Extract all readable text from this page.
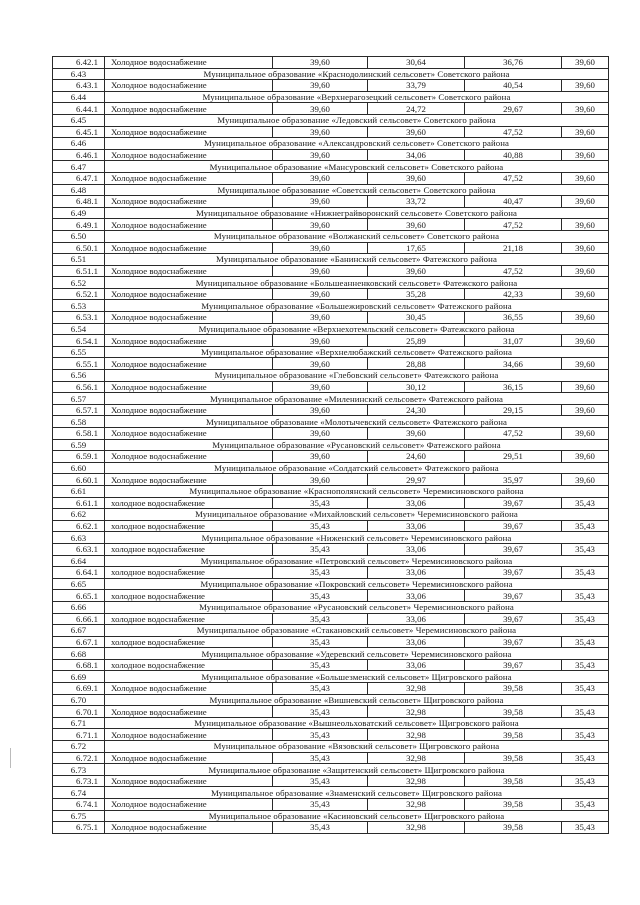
6.42.1	Холодное водоснабжение	39,60	30,64	36,76	39,60
6.43	Муниципальное образование «Краснодолинский сельсовет» Советского района				
6.43.1	Холодное водоснабжение	39,60	33,79	40,54	39,60
6.44	Муниципальное образование «Верхнерагозецкий сельсовет» Советского района				
6.44.1	Холодное водоснабжение	39,60	24,72	29,67	39,60
6.45	Муниципальное образование «Ледовский сельсовет» Советского района				
6.45.1	Холодное водоснабжение	39,60	39,60	47,52	39,60
6.46	Муниципальное образование «Александровский сельсовет» Советского района				
6.46.1	Холодное водоснабжение	39,60	34,06	40,88	39,60
6.47	Муниципальное образование «Мансуровский сельсовет» Советского района				
6.47.1	Холодное водоснабжение	39,60	39,60	47,52	39,60
6.48	Муниципальное образование «Советский сельсовет» Советского района				
6.48.1	Холодное водоснабжение	39,60	33,72	40,47	39,60
6.49	Муниципальное образование «Нижнеграйворонский сельсовет» Советского района				
6.49.1	Холодное водоснабжение	39,60	39,60	47,52	39,60
6.50	Муниципальное образование «Волжанский сельсовет» Советского района				
6.50.1	Холодное водоснабжение	39,60	17,65	21,18	39,60
6.51	Муниципальное образование «Банинский сельсовет» Фатежского района				
6.51.1	Холодное водоснабжение	39,60	39,60	47,52	39,60
6.52	Муниципальное образование «Большеанненковский сельсовет» Фатежского района				
6.52.1	Холодное водоснабжение	39,60	35,28	42,33	39,60
6.53	Муниципальное образование «Большежировский сельсовет» Фатежского района				
6.53.1	Холодное водоснабжение	39,60	30,45	36,55	39,60
6.54	Муниципальное образование «Верхнехотемльский сельсовет» Фатежского района				
6.54.1	Холодное водоснабжение	39,60	25,89	31,07	39,60
6.55	Муниципальное образование «Верхнелюбажский сельсовет» Фатежского района				
6.55.1	Холодное водоснабжение	39,60	28,88	34,66	39,60
6.56	Муниципальное образование «Глебовский сельсовет» Фатежского района				
6.56.1	Холодное водоснабжение	39,60	30,12	36,15	39,60
6.57	Муниципальное образование «Миленинский сельсовет» Фатежского района				
6.57.1	Холодное водоснабжение	39,60	24,30	29,15	39,60
6.58	Муниципальное образование «Молотычевский сельсовет» Фатежского района				
6.58.1	Холодное водоснабжение	39,60	39,60	47,52	39,60
6.59	Муниципальное образование «Русановский сельсовет» Фатежского района				
6.59.1	Холодное водоснабжение	39,60	24,60	29,51	39,60
6.60	Муниципальное образование «Солдатский сельсовет» Фатежского района				
6.60.1	Холодное водоснабжение	39,60	29,97	35,97	39,60
6.61	Муниципальное образование «Краснополянский сельсовет» Черемисиновского района				
6.61.1	холодное водоснабжение	35,43	33,06	39,67	35,43
6.62	Муниципальное образование «Михайловский сельсовет» Черемисиновского района				
6.62.1	холодное водоснабжение	35,43	33,06	39,67	35,43
6.63	Муниципальное образование «Ниженский сельсовет» Черемисиновского района				
6.63.1	холодное водоснабжение	35,43	33,06	39,67	35,43
6.64	Муниципальное образование «Петровский сельсовет» Черемисиновского района				
6.64.1	холодное водоснабжение	35,43	33,06	39,67	35,43
6.65	Муниципальное образование «Покровский сельсовет» Черемисиновского района				
6.65.1	холодное водоснабжение	35,43	33,06	39,67	35,43
6.66	Муниципальное образование «Русановский сельсовет» Черемисиновского района				
6.66.1	холодное водоснабжение	35,43	33,06	39,67	35,43
6.67	Муниципальное образование «Стакановский сельсовет» Черемисиновского района				
6.67.1	холодное водоснабжение	35,43	33,06	39,67	35,43
6.68	Муниципальное образование «Удеревский сельсовет» Черемисиновского района				
6.68.1	холодное водоснабжение	35,43	33,06	39,67	35,43
6.69	Муниципальное образование «Большезменский сельсовет» Щигровского района				
6.69.1	Холодное водоснабжение	35,43	32,98	39,58	35,43
6.70	Муниципальное образование «Вишневский сельсовет» Щигровского района				
6.70.1	Холодное водоснабжение	35,43	32,98	39,58	35,43
6.71	Муниципальное образование «Вышнеольховатский сельсовет» Щигровского района				
6.71.1	Холодное водоснабжение	35,43	32,98	39,58	35,43
6.72	Муниципальное образование «Вязовский сельсовет» Щигровского района				
6.72.1	Холодное водоснабжение	35,43	32,98	39,58	35,43
6.73	Муниципальное образование «Защитенский сельсовет» Щигровского района				
6.73.1	Холодное водоснабжение	35,43	32,98	39,58	35,43
6.74	Муниципальное образование «Знаменский сельсовет» Щигровского района				
6.74.1	Холодное водоснабжение	35,43	32,98	39,58	35,43
6.75	Муниципальное образование «Касиновский сельсовет» Щигровского района				
6.75.1	Холодное водоснабжение	35,43	32,98	39,58	35,43
